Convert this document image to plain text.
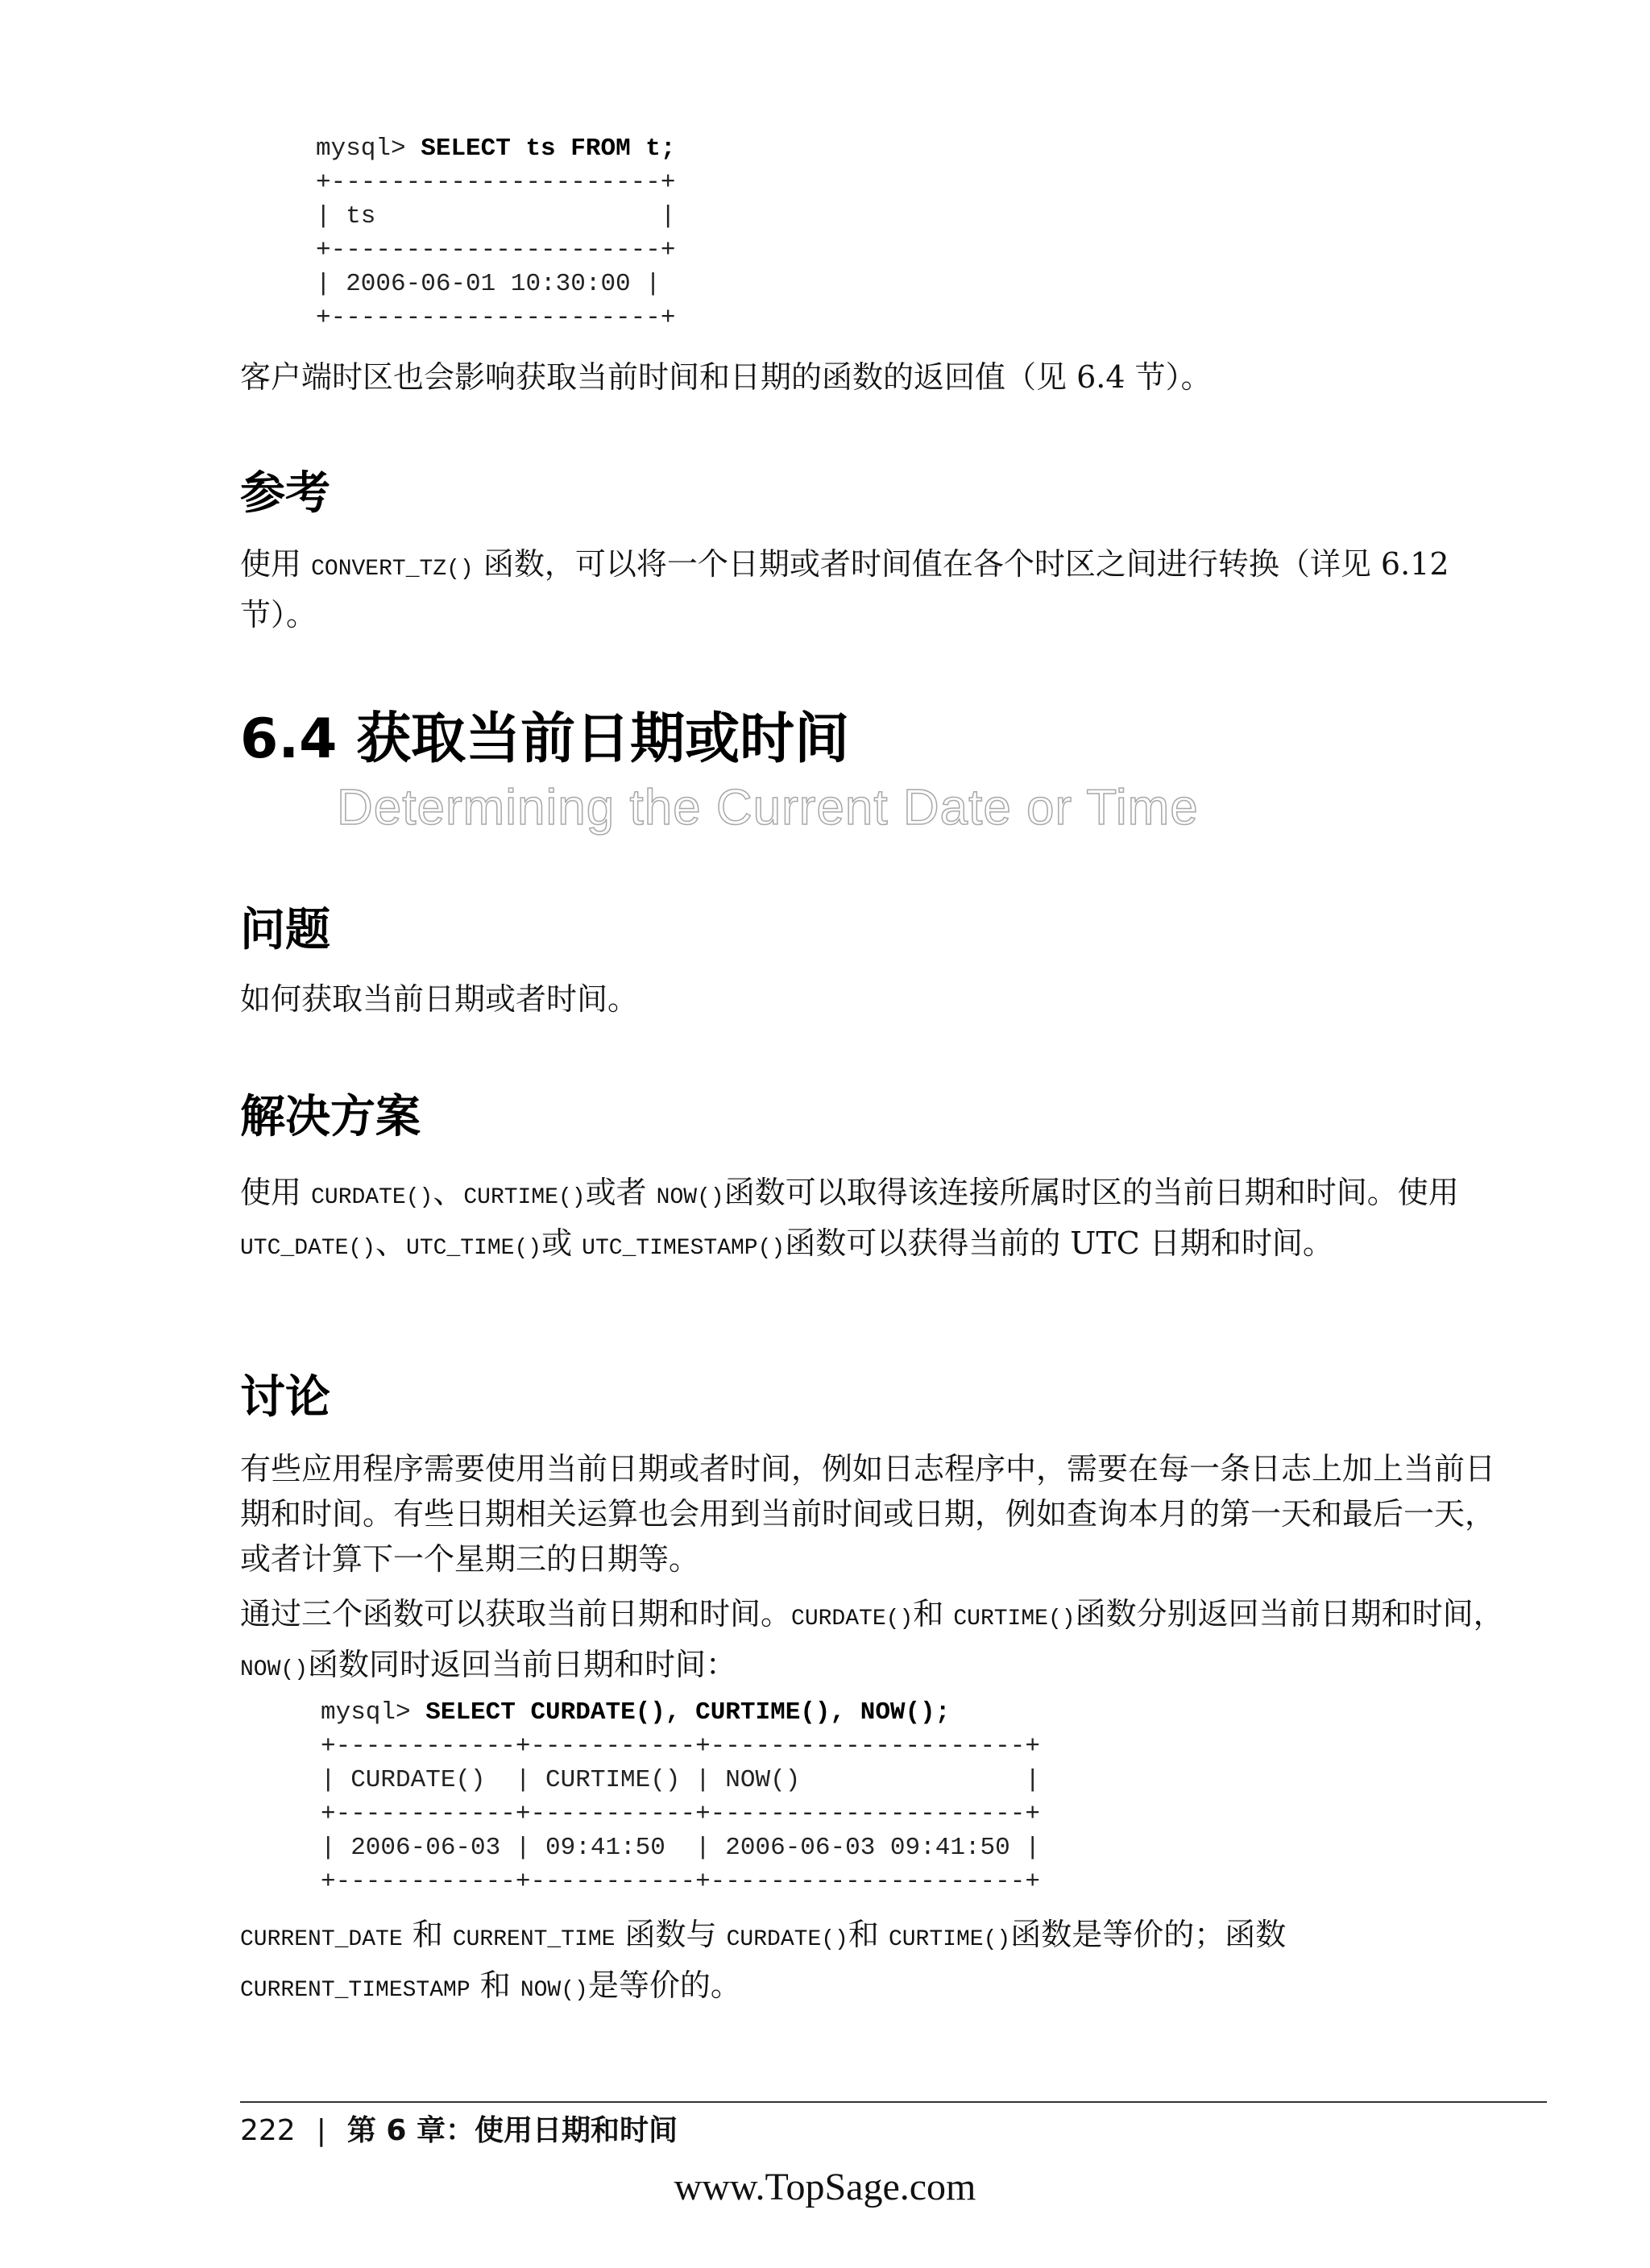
mysql> SELECT ts FROM t;
+----------------------+
| ts                   |
+----------------------+
| 2006-06-01 10:30:00 |
+----------------------+

客户端时区也会影响获取当前时间和日期的函数的返回值（见 6.4 节）。

参考

使用 CONVERT_TZ() 函数，可以将一个日期或者时间值在各个时区之间进行转换（详见 6.12 节）。

6.4 获取当前日期或时间
Determining the Current Date or Time
问题

如何获取当前日期或者时间。

解决方案

使用 CURDATE()、CURTIME()或者 NOW()函数可以取得该连接所属时区的当前日期和时间。使用 UTC_DATE()、UTC_TIME()或 UTC_TIMESTAMP()函数可以获得当前的 UTC 日期和时间。

讨论

有些应用程序需要使用当前日期或者时间，例如日志程序中，需要在每一条日志上加上当前日期和时间。有些日期相关运算也会用到当前时间或日期，例如查询本月的第一天和最后一天，或者计算下一个星期三的日期等。

通过三个函数可以获取当前日期和时间。CURDATE()和 CURTIME()函数分别返回当前日期和时间，NOW()函数同时返回当前日期和时间：

mysql> SELECT CURDATE(), CURTIME(), NOW();
+------------+-----------+---------------------+
| CURDATE()  | CURTIME() | NOW()               |
+------------+-----------+---------------------+
| 2006-06-03 | 09:41:50  | 2006-06-03 09:41:50 |
+------------+-----------+---------------------+

CURRENT_DATE 和 CURRENT_TIME 函数与 CURDATE()和 CURTIME()函数是等价的；函数 CURRENT_TIMESTAMP 和 NOW()是等价的。

222 | 第 6 章：使用日期和时间
www.TopSage.com
